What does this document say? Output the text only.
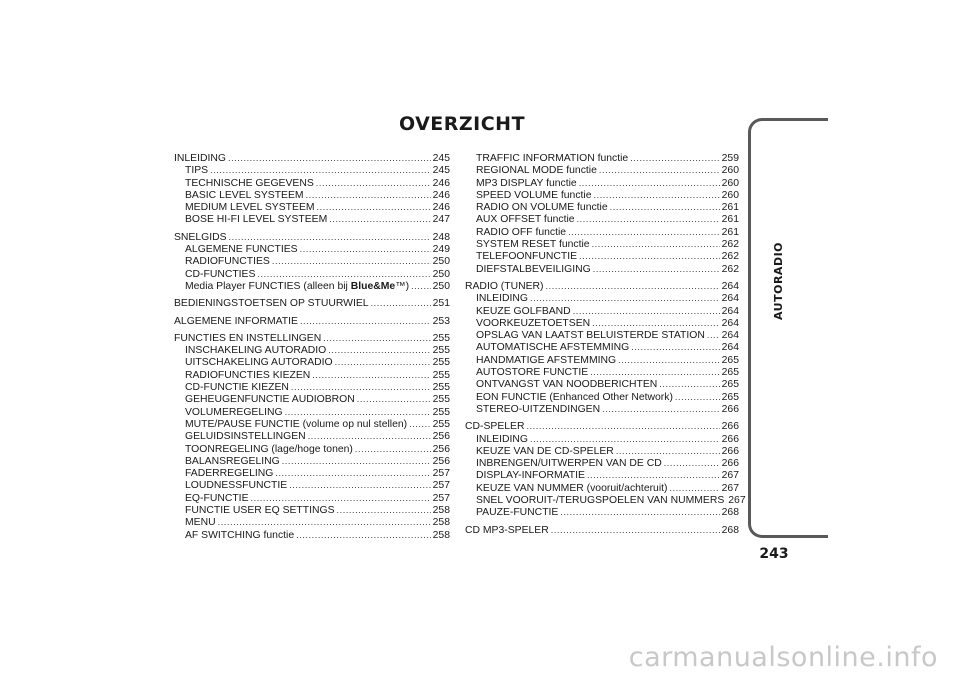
OVERZICHT
INLEIDING .....	245
TIPS .....	245
TECHNISCHE GEGEVENS .....	246
BASIC LEVEL SYSTEEM .....	246
MEDIUM LEVEL SYSTEEM .....	246
BOSE HI-FI LEVEL SYSTEEM .....	247
SNELGIDS .....	248
ALGEMENE FUNCTIES .....	249
RADIOFUNCTIES .....	250
CD-FUNCTIES .....	250
Media Player FUNCTIES (alleen bij Blue&Me™) ..... 250
BEDIENINGSTOETSEN OP STUURWIEL .....	251
ALGEMENE INFORMATIE .....	253
FUNCTIES EN INSTELLINGEN .....	255
INSCHAKELING AUTORADIO .....	255
UITSCHAKELING AUTORADIO .....	255
RADIOFUNCTIES KIEZEN .....	255
CD-FUNCTIE KIEZEN .....	255
GEHEUGENFUNCTIE AUDIOBRON .....	255
VOLUMEREGELING .....	255
MUTE/PAUSE FUNCTIE (volume op nul stellen) ..... 255
GELUIDSINSTELLINGEN .....	256
TOONREGELING (lage/hoge tonen) .....	256
BALANSREGELING .....	256
FADERREGELING .....	257
LOUDNESSFUNCTIE .....	257
EQ-FUNCTIE .....	257
FUNCTIE USER EQ SETTINGS .....	258
MENU .....	258
AF SWITCHING functie .....	258
TRAFFIC INFORMATION functie .....	259
REGIONAL MODE functie .....	260
MP3 DISPLAY functie .....	260
SPEED VOLUME functie .....	260
RADIO ON VOLUME functie .....	261
AUX OFFSET functie .....	261
RADIO OFF functie .....	261
SYSTEM RESET functie .....	262
TELEFOONFUNCTIE .....	262
DIEFSTALBEVEILIGING .....	262
RADIO (TUNER) .....	264
INLEIDING .....	264
KEUZE GOLFBAND .....	264
VOORKEUZETOETSEN .....	264
OPSLAG VAN LAATST BELUISTERDE STATION ..... 264
AUTOMATISCHE AFSTEMMING .....	264
HANDMATIGE AFSTEMMING .....	265
AUTOSTORE FUNCTIE .....	265
ONTVANGST VAN NOODBERICHTEN .....	265
EON FUNCTIE (Enhanced Other Network) .....	265
STEREO-UITZENDINGEN .....	266
CD-SPELER .....	266
INLEIDING .....	266
KEUZE VAN DE CD-SPELER .....	266
INBRENGEN/UITWERPEN VAN DE CD .....	266
DISPLAY-INFORMATIE .....	267
KEUZE VAN NUMMER (vooruit/achteruit) .....	267
SNEL VOORUIT-/TERUGSPOELEN VAN NUMMERS 267
PAUZE-FUNCTIE .....	268
CD MP3-SPELER .....	268
AUTORADIO
243
carmanualsonline.info
